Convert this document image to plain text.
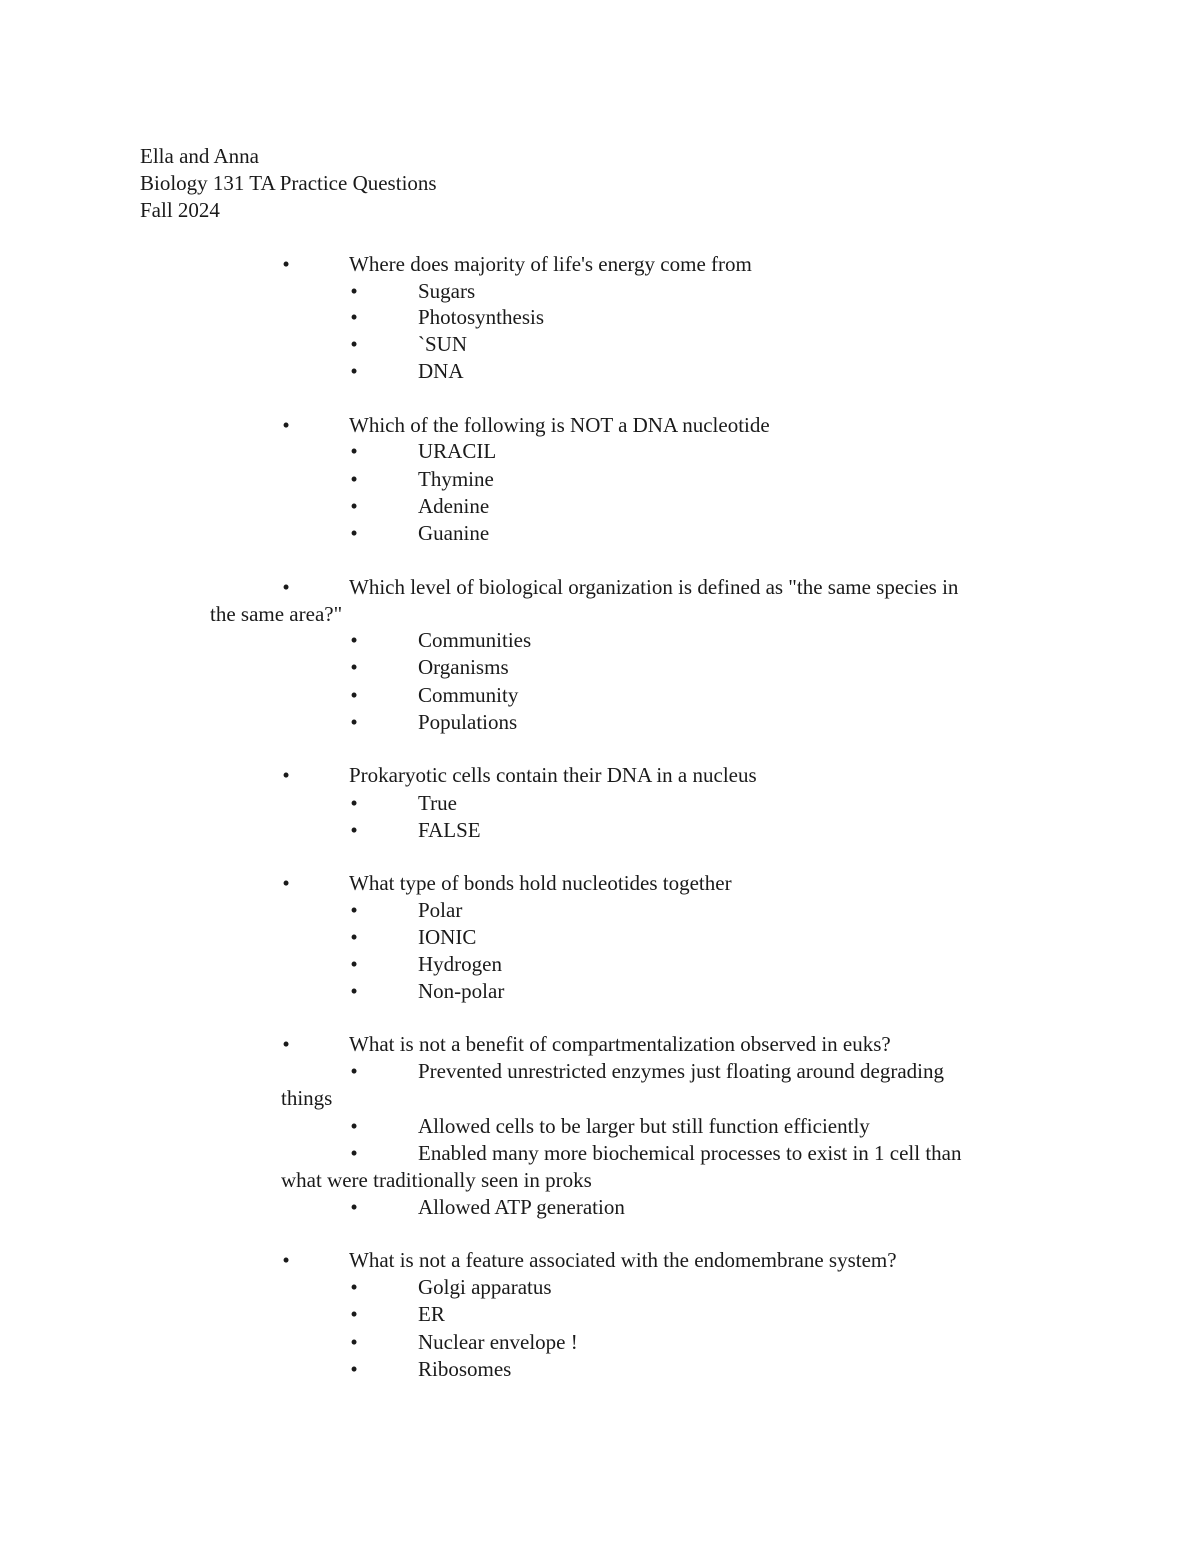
Ella and Anna
Biology 131 TA Practice Questions
Fall 2024
•	Where does majority of life's energy come from
•	Sugars
•	Photosynthesis
•	`SUN
•	DNA
•	Which of the following is NOT a DNA nucleotide
•	URACIL
•	Thymine
•	Adenine
•	Guanine
•	Which level of biological organization is defined as "the same species in
the same area?"
•	Communities
•	Organisms
•	Community
•	Populations
•	Prokaryotic cells contain their DNA in a nucleus
•	True
•	FALSE
•	What type of bonds hold nucleotides together
•	Polar
•	IONIC
•	Hydrogen
•	Non-polar
•	What is not a benefit of compartmentalization observed in euks?
•	Prevented unrestricted enzymes just floating around degrading
things
•	Allowed cells to be larger but still function efficiently
•	Enabled many more biochemical processes to exist in 1 cell than
what were traditionally seen in proks
•	Allowed ATP generation
•	What is not a feature associated with the endomembrane system?
•	Golgi apparatus
•	ER
•	Nuclear envelope !
•	Ribosomes
